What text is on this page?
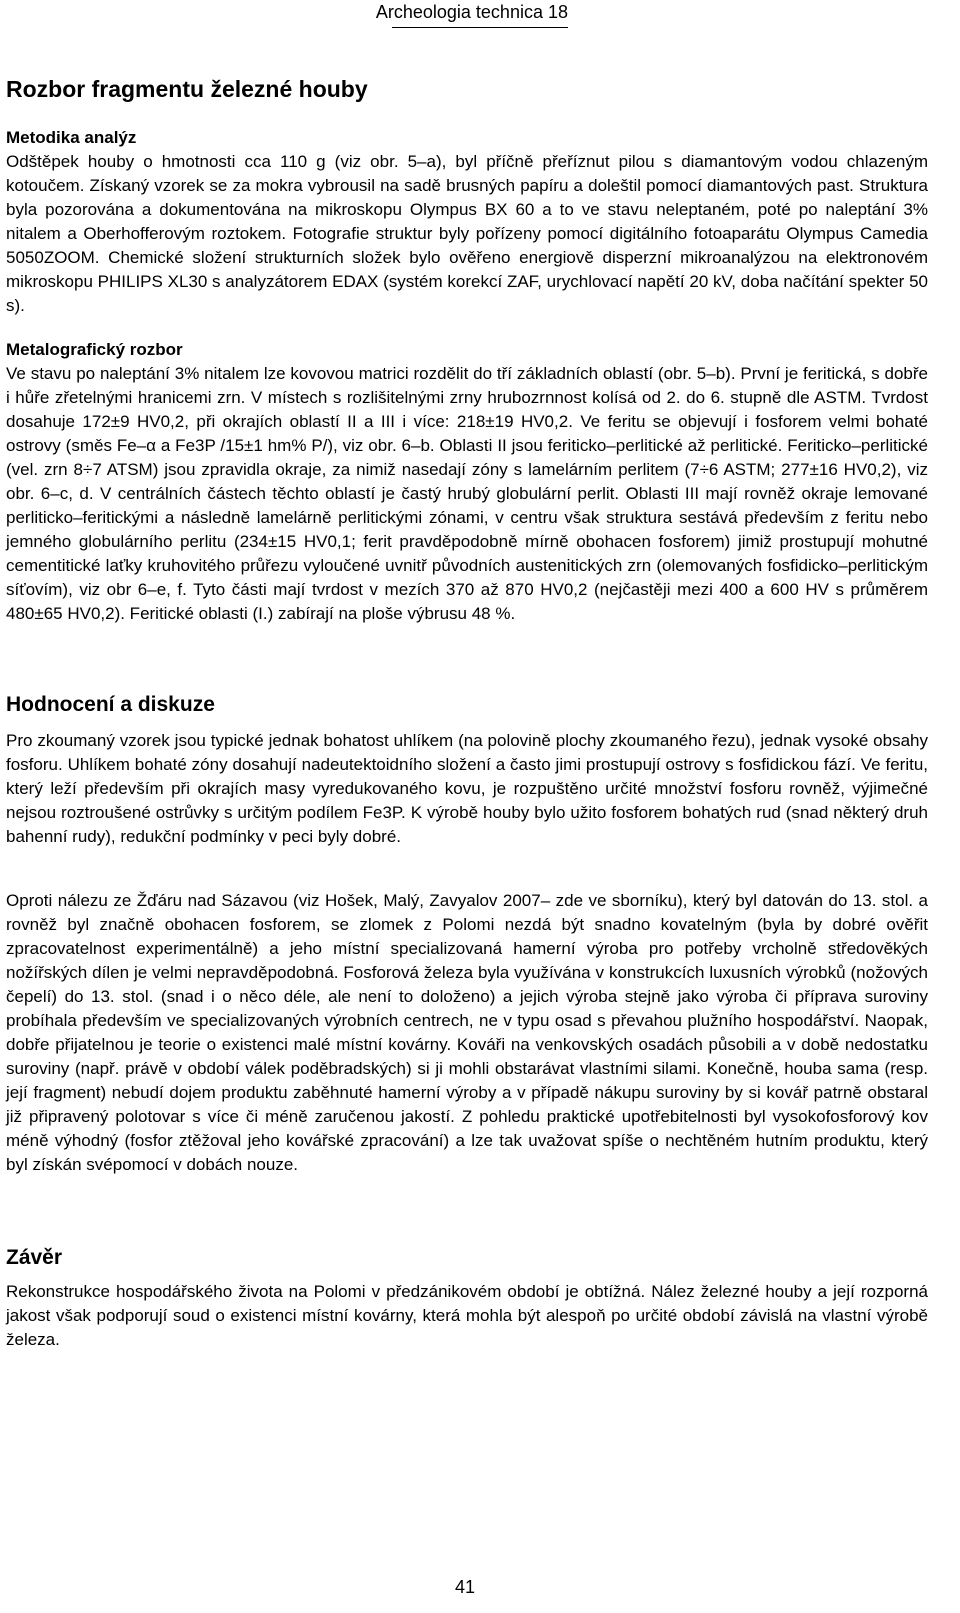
Archeologia technica 18
Rozbor fragmentu železné houby

Metodika analýz

Odštěpek houby o hmotnosti cca 110 g (viz obr. 5–a), byl příčně přeříznut pilou s diamantovým vodou chlazeným kotoučem. Získaný vzorek se za mokra vybrousil na sadě brusných papíru a doleštil pomocí diamantových past. Struktura byla pozorována a dokumentována na mikroskopu Olympus BX 60 a to ve stavu neleptaném, poté po naleptání 3% nitalem a Oberhofferovým roztokem. Fotografie struktur byly pořízeny pomocí digitálního fotoaparátu Olympus Camedia 5050ZOOM. Chemické složení strukturních složek bylo ověřeno energiově disperzní mikroanalýzou na elektronovém mikroskopu PHILIPS XL30 s analyzátorem EDAX (systém korekcí ZAF, urychlovací napětí 20 kV, doba načítání spekter 50 s).

Metalografický rozbor

Ve stavu po naleptání 3% nitalem lze kovovou matrici rozdělit do tří základních oblastí (obr. 5–b). První je feritická, s dobře i hůře zřetelnými hranicemi zrn. V místech s rozlišitelnými zrny hrubozrnnost kolísá od 2. do 6. stupně dle ASTM. Tvrdost dosahuje 172±9 HV0,2, při okrajích oblastí II a III i více: 218±19 HV0,2. Ve feritu se objevují i fosforem velmi bohaté ostrovy (směs Fe–α a Fe3P /15±1 hm% P/), viz obr. 6–b. Oblasti II jsou feriticko–perlitické až perlitické. Feriticko–perlitické (vel. zrn 8÷7 ATSM) jsou zpravidla okraje, za nimiž nasedají zóny s lamelárním perlitem (7÷6 ASTM; 277±16 HV0,2), viz obr. 6–c, d. V centrálních částech těchto oblastí je častý hrubý globulární perlit. Oblasti III mají rovněž okraje lemované perliticko–feritickými a následně lamelárně perlitickými zónami, v centru však struktura sestává především z feritu nebo jemného globulárního perlitu (234±15 HV0,1; ferit pravděpodobně mírně obohacen fosforem) jimiž prostupují mohutné cementitické laťky kruhovitého průřezu vyloučené uvnitř původních austenitických zrn (olemovaných fosfidicko–perlitickým síťovím), viz obr 6–e, f. Tyto části mají tvrdost v mezích 370 až 870 HV0,2 (nejčastěji mezi 400 a 600 HV s průměrem 480±65 HV0,2). Feritické oblasti (I.) zabírají na ploše výbrusu 48 %.

Hodnocení a diskuze

Pro zkoumaný vzorek jsou typické jednak bohatost uhlíkem (na polovině plochy zkoumaného řezu), jednak vysoké obsahy fosforu. Uhlíkem bohaté zóny dosahují nadeutektoidního složení a často jimi prostupují ostrovy s fosfidickou fází. Ve feritu, který leží především při okrajích masy vyredukovaného kovu, je rozpuštěno určité množství fosforu rovněž, výjimečné nejsou roztroušené ostrůvky s určitým podílem Fe3P. K výrobě houby bylo užito fosforem bohatých rud (snad některý druh bahenní rudy), redukční podmínky v peci byly dobré.

Oproti nálezu ze Žďáru nad Sázavou (viz Hošek, Malý, Zavyalov 2007– zde ve sborníku), který byl datován do 13. stol. a rovněž byl značně obohacen fosforem, se zlomek z Polomi nezdá být snadno kovatelným (byla by dobré ověřit zpracovatelnost experimentálně) a jeho místní specializovaná hamerní výroba pro potřeby vrcholně středověkých nožířských dílen je velmi nepravděpodobná. Fosforová železa byla využívána v konstrukcích luxusních výrobků (nožových čepelí) do 13. stol. (snad i o něco déle, ale není to doloženo) a jejich výroba stejně jako výroba či příprava suroviny probíhala především ve specializovaných výrobních centrech, ne v typu osad s převahou plužního hospodářství. Naopak, dobře přijatelnou je teorie o existenci malé místní kovárny. Kováři na venkovských osadách působili a v době nedostatku suroviny (např. právě v období válek poděbradských) si ji mohli obstarávat vlastními silami. Konečně, houba sama (resp. její fragment) nebudí dojem produktu zaběhnuté hamerní výroby a v případě nákupu suroviny by si kovář patrně obstaral již připravený polotovar s více či méně zaručenou jakostí. Z pohledu praktické upotřebitelnosti byl vysokofosforový kov méně výhodný (fosfor ztěžoval jeho kovářské zpracování) a lze tak uvažovat spíše o nechtěném hutním produktu, který byl získán svépomocí v dobách nouze.

Závěr

Rekonstrukce hospodářského života na Polomi v předzánikovém období je obtížná. Nález železné houby a její rozporná jakost však podporují soud o existenci místní kovárny, která mohla být alespoň po určité období závislá na vlastní výrobě železa.

41
